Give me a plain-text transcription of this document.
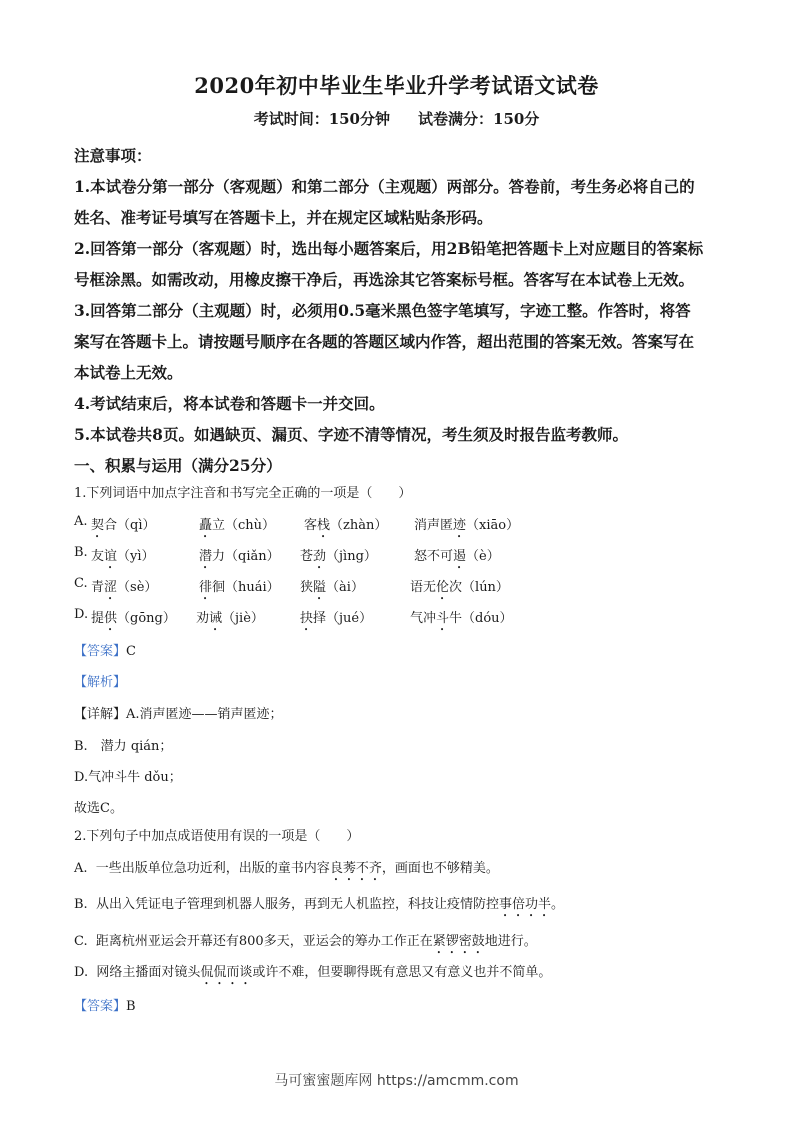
2020年初中毕业生毕业升学考试语文试卷
考试时间：150分钟 试卷满分：150分
注意事项：
1.本试卷分第一部分（客观题）和第二部分（主观题）两部分。答卷前，考生务必将自己的
姓名、准考证号填写在答题卡上，并在规定区域粘贴条形码。
2.回答第一部分（客观题）时，选出每小题答案后，用2B铅笔把答题卡上对应题目的答案标
号框涂黑。如需改动，用橡皮擦干净后，再选涂其它答案标号框。答客写在本试卷上无效。
3.回答第二部分（主观题）时，必须用0.5毫米黑色签字笔填写，字迹工整。作答时，将答
案写在答题卡上。请按题号顺序在各题的答题区域内作答，超出范围的答案无效。答案写在
本试卷上无效。
4.考试结束后，将本试卷和答题卡一并交回。
5.本试卷共8页。如遇缺页、漏页、字迹不清等情况，考生须及时报告监考教师。
一、积累与运用（满分25分）
1.下列词语中加点字注音和书写完全正确的一项是（　　）
A. 契合（qì）	矗立（chù） 客栈（zhàn） 消声匿迹（xiāo）
B. 友谊（yì）	潜力（qiǎn） 苍劲（jìng）	怒不可遏（è）
C. 青涩（sè）	徘徊（huái） 狭隘（ài）	语无伦次（lún）
D. 提供（gōng） 劝诫（jiè）	抉择（jué）	气冲斗牛（dóu）
【答案】C
【解析】
【详解】A.消声匿迹——销声匿迹；
B.　潜力 qián；
D.气冲斗牛 dǒu；
故选C。
2.下列句子中加点成语使用有误的一项是（　　）
A. 一些出版单位急功近利，出版的童书内容良莠不齐，画面也不够精美。
B. 从出入凭证电子管理到机器人服务，再到无人机监控，科技让疫情防控事倍功半。
C. 距离杭州亚运会开幕还有800多天，亚运会的筹办工作正在紧锣密鼓地进行。
D. 网络主播面对镜头侃侃而谈或许不难，但要聊得既有意思又有意义也并不简单。
【答案】B
马可蜜蜜题库网 https://amcmm.com
